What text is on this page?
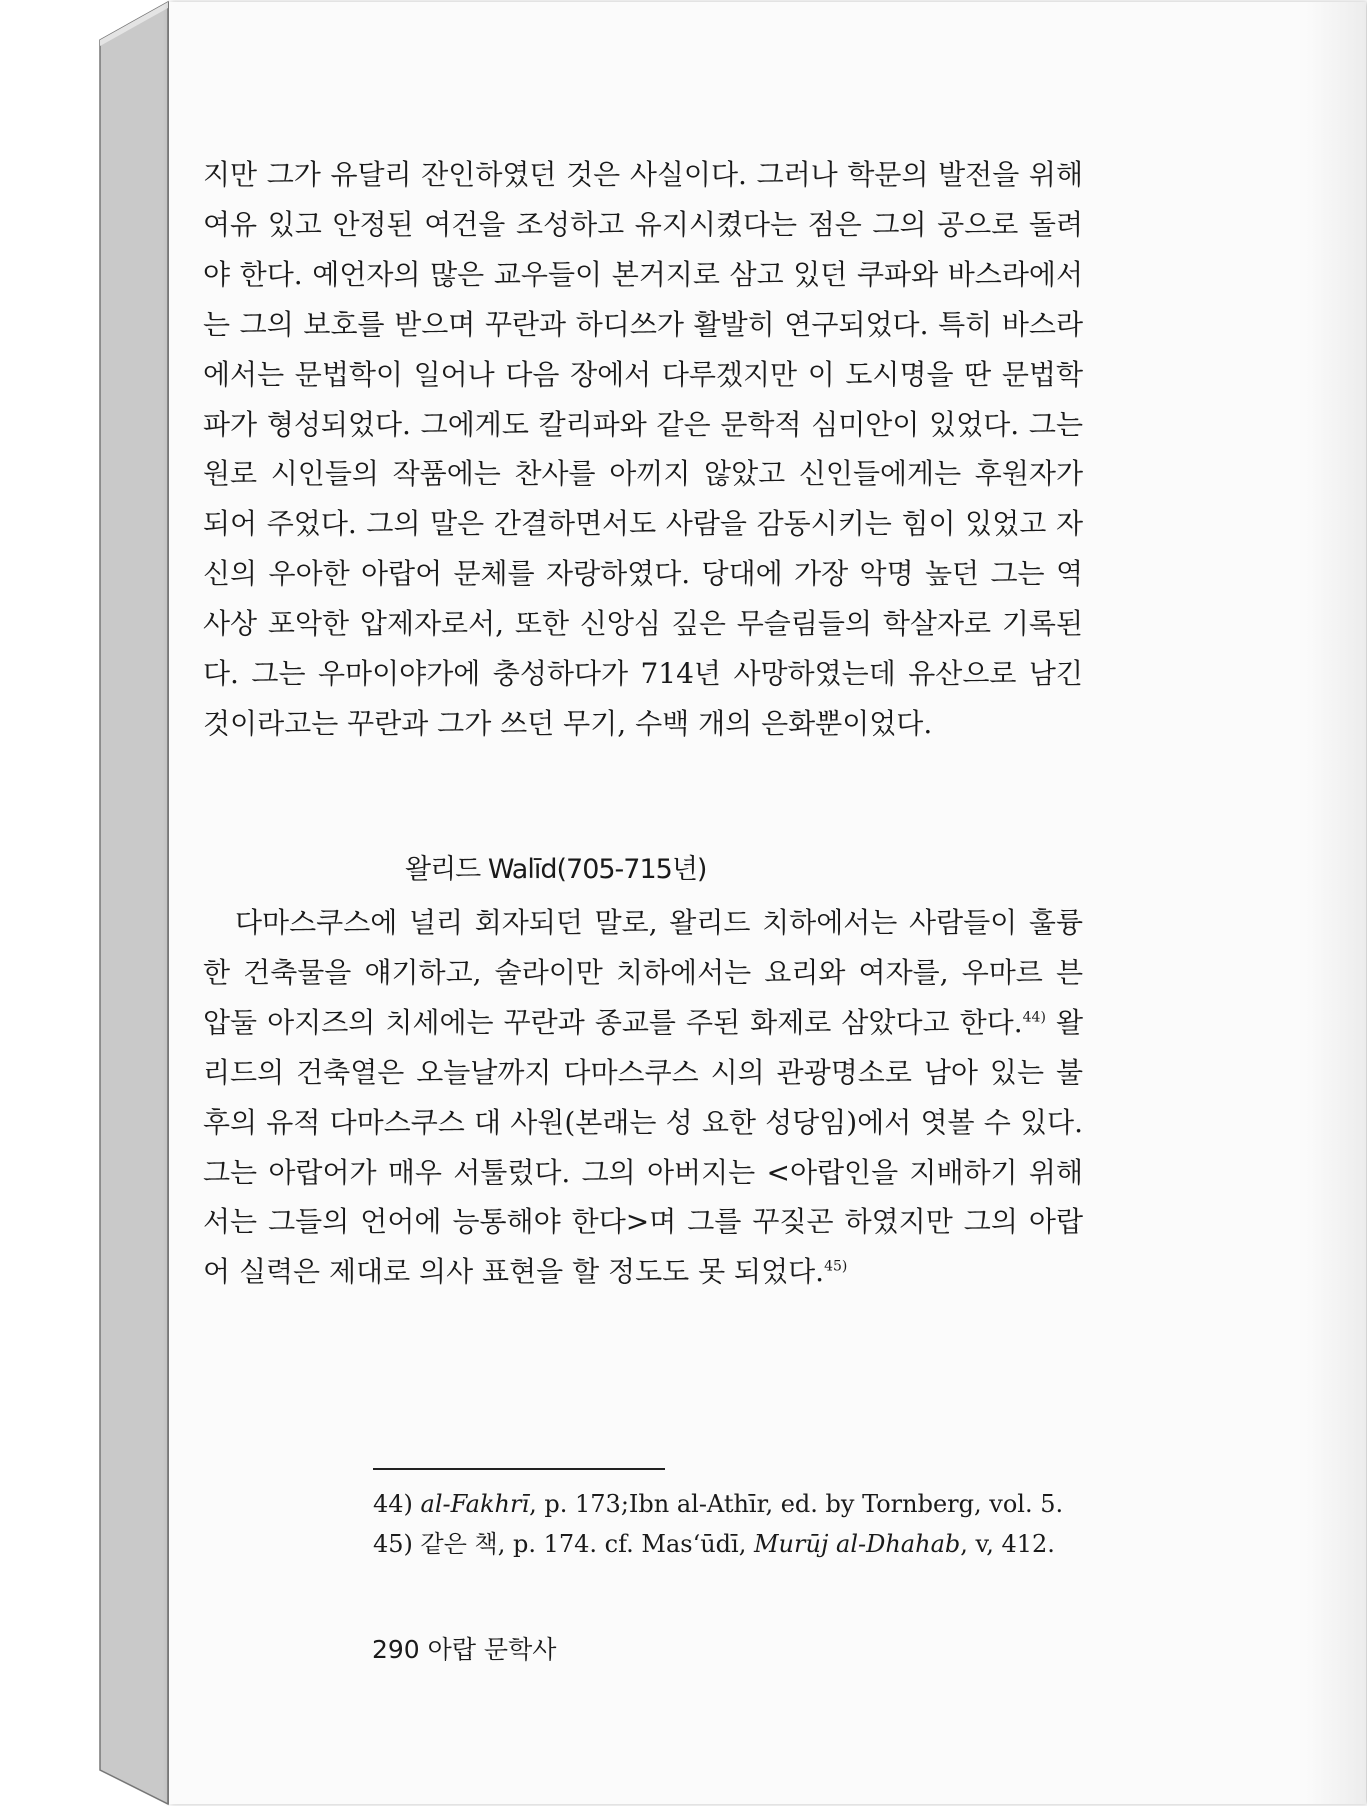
지만 그가 유달리 잔인하였던 것은 사실이다. 그러나 학문의 발전을 위해 여유 있고 안정된 여건을 조성하고 유지시켰다는 점은 그의 공으로 돌려야 한다. 예언자의 많은 교우들이 본거지로 삼고 있던 쿠파와 바스라에서는 그의 보호를 받으며 꾸란과 하디쓰가 활발히 연구되었다. 특히 바스라에서는 문법학이 일어나 다음 장에서 다루겠지만 이 도시명을 딴 문법학파가 형성되었다. 그에게도 칼리파와 같은 문학적 심미안이 있었다. 그는 원로 시인들의 작품에는 찬사를 아끼지 않았고 신인들에게는 후원자가 되어 주었다. 그의 말은 간결하면서도 사람을 감동시키는 힘이 있었고 자신의 우아한 아랍어 문체를 자랑하였다. 당대에 가장 악명 높던 그는 역사상 포악한 압제자로서, 또한 신앙심 깊은 무슬림들의 학살자로 기록된다. 그는 우마이야가에 충성하다가 714년 사망하였는데 유산으로 남긴 것이라고는 꾸란과 그가 쓰던 무기, 수백 개의 은화뿐이었다.

왈리드 Walīd(705-715년)

다마스쿠스에 널리 회자되던 말로, 왈리드 치하에서는 사람들이 훌륭한 건축물을 얘기하고, 술라이만 치하에서는 요리와 여자를, 우마르 븐 압둘 아지즈의 치세에는 꾸란과 종교를 주된 화제로 삼았다고 한다.$^{44)}$ 왈리드의 건축열은 오늘날까지 다마스쿠스 시의 관광명소로 남아 있는 불후의 유적 다마스쿠스 대 사원(본래는 성 요한 성당임)에서 엿볼 수 있다. 그는 아랍어가 매우 서툴렀다. 그의 아버지는 <아랍인을 지배하기 위해서는 그들의 언어에 능통해야 한다>며 그를 꾸짖곤 하였지만 그의 아랍어 실력은 제대로 의사 표현을 할 정도도 못 되었다.$^{45)}$

44) al-Fakhrī, p. 173;Ibn al-Athīr, ed. by Tornberg, vol. 5.
45) 같은 책, p. 174. cf. Mas‘ūdī, Murūj al-Dhahab, v, 412.
290 아랍 문학사
